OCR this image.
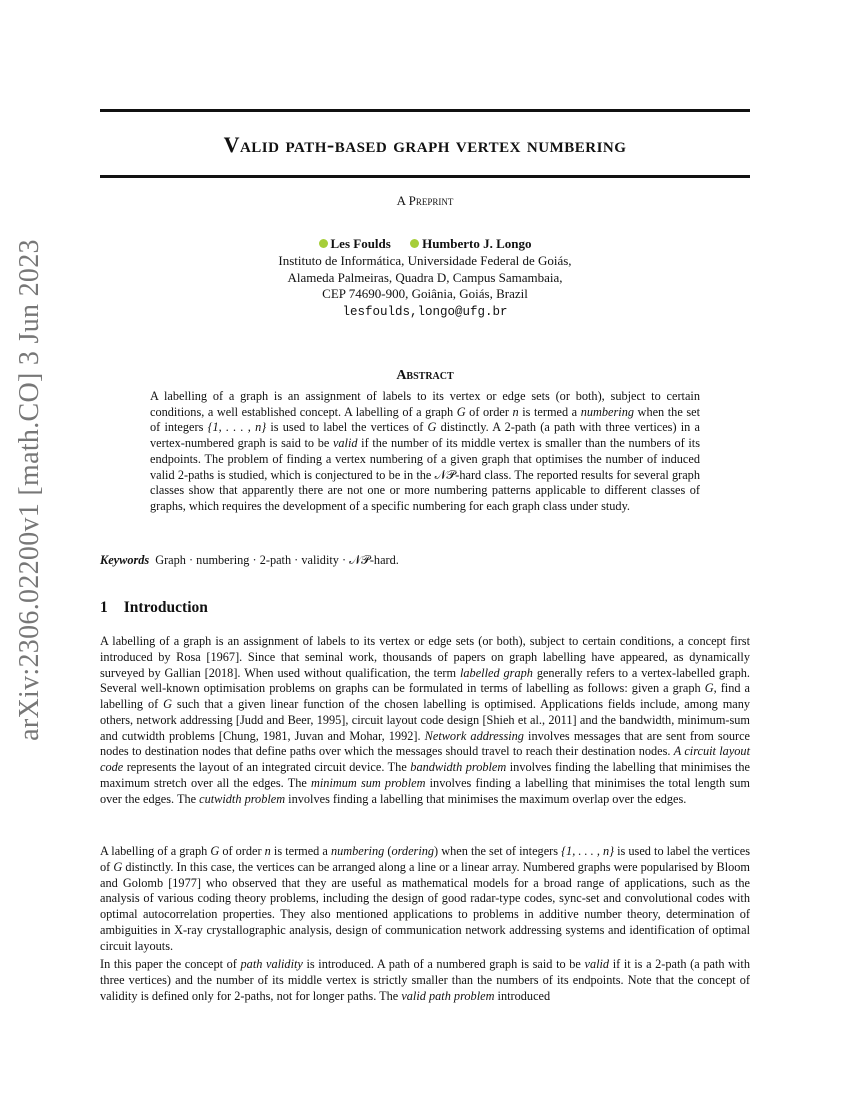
arXiv:2306.02200v1 [math.CO] 3 Jun 2023
Valid path-based graph vertex numbering

A Preprint

Les Foulds Humberto J. Longo

Instituto de Informática, Universidade Federal de Goiás,
Alameda Palmeiras, Quadra D, Campus Samambaia,
CEP 74690-900, Goiânia, Goiás, Brazil
lesfoulds,longo@ufg.br

Abstract

A labelling of a graph is an assignment of labels to its vertex or edge sets (or both), subject to certain conditions, a well established concept. A labelling of a graph G of order n is termed a numbering when the set of integers {1, . . . , n} is used to label the vertices of G distinctly. A 2-path (a path with three vertices) in a vertex-numbered graph is said to be valid if the number of its middle vertex is smaller than the numbers of its endpoints. The problem of finding a vertex numbering of a given graph that optimises the number of induced valid 2-paths is studied, which is conjectured to be in the 𝒩𝒫-hard class. The reported results for several graph classes show that apparently there are not one or more numbering patterns applicable to different classes of graphs, which requires the development of a specific numbering for each graph class under study.

Keywords Graph · numbering · 2-path · validity · 𝒩𝒫-hard.

1 Introduction

A labelling of a graph is an assignment of labels to its vertex or edge sets (or both), subject to certain conditions, a concept first introduced by Rosa [1967]. Since that seminal work, thousands of papers on graph labelling have appeared, as dynamically surveyed by Gallian [2018]. When used without qualification, the term labelled graph generally refers to a vertex-labelled graph. Several well-known optimisation problems on graphs can be formulated in terms of labelling as follows: given a graph G, find a labelling of G such that a given linear function of the chosen labelling is optimised. Applications fields include, among many others, network addressing [Judd and Beer, 1995], circuit layout code design [Shieh et al., 2011] and the bandwidth, minimum-sum and cutwidth problems [Chung, 1981, Juvan and Mohar, 1992]. Network addressing involves messages that are sent from source nodes to destination nodes that define paths over which the messages should travel to reach their destination nodes. A circuit layout code represents the layout of an integrated circuit device. The bandwidth problem involves finding the labelling that minimises the maximum stretch over all the edges. The minimum sum problem involves finding a labelling that minimises the total length sum over the edges. The cutwidth problem involves finding a labelling that minimises the maximum overlap over the edges.

A labelling of a graph G of order n is termed a numbering (ordering) when the set of integers {1, . . . , n} is used to label the vertices of G distinctly. In this case, the vertices can be arranged along a line or a linear array. Numbered graphs were popularised by Bloom and Golomb [1977] who observed that they are useful as mathematical models for a broad range of applications, such as the analysis of various coding theory problems, including the design of good radar-type codes, sync-set and convolutional codes with optimal autocorrelation properties. They also mentioned applications to problems in additive number theory, determination of ambiguities in X-ray crystallographic analysis, design of communication network addressing systems and identification of optimal circuit layouts.

In this paper the concept of path validity is introduced. A path of a numbered graph is said to be valid if it is a 2-path (a path with three vertices) and the number of its middle vertex is strictly smaller than the numbers of its endpoints. Note that the concept of validity is defined only for 2-paths, not for longer paths. The valid path problem introduced
